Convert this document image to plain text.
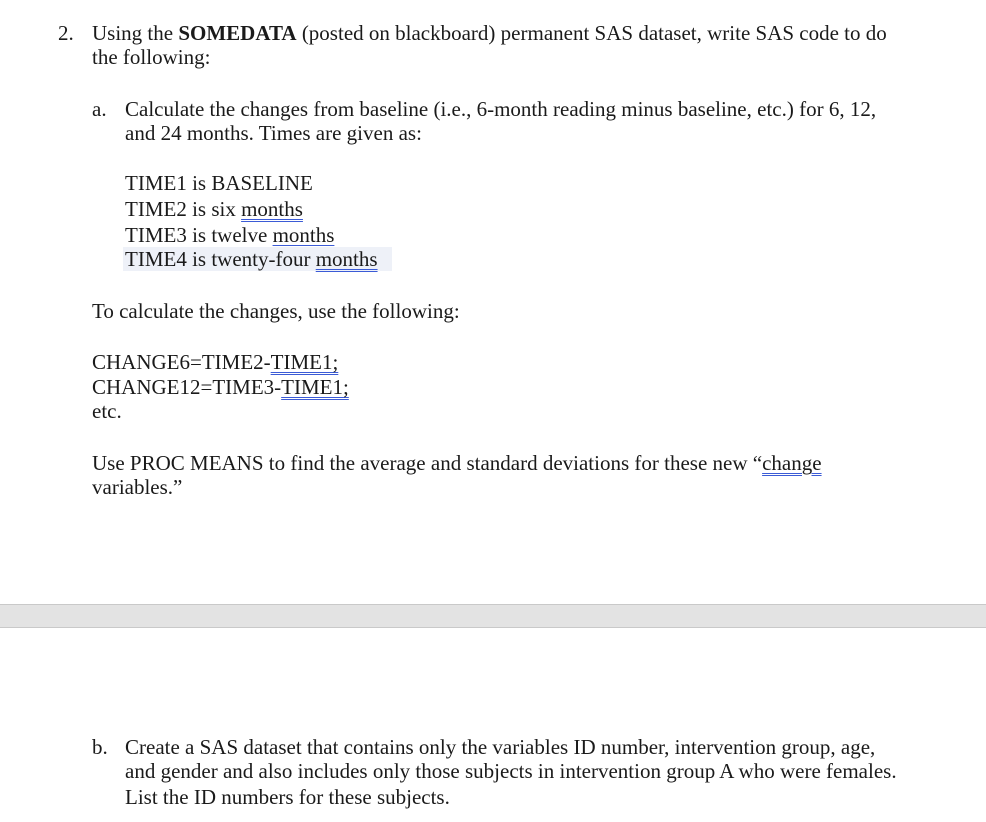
2. Using the SOMEDATA (posted on blackboard) permanent SAS dataset, write SAS code to do
the following:
a. Calculate the changes from baseline (i.e., 6-month reading minus baseline, etc.) for 6, 12,
and 24 months. Times are given as:
TIME1 is BASELINE
TIME2 is six months
TIME3 is twelve months
TIME4 is twenty-four months
To calculate the changes, use the following:
CHANGE6=TIME2-TIME1;
CHANGE12=TIME3-TIME1;
etc.
Use PROC MEANS to find the average and standard deviations for these new “change
variables.”
b. Create a SAS dataset that contains only the variables ID number, intervention group, age,
and gender and also includes only those subjects in intervention group A who were females.
List the ID numbers for these subjects.
